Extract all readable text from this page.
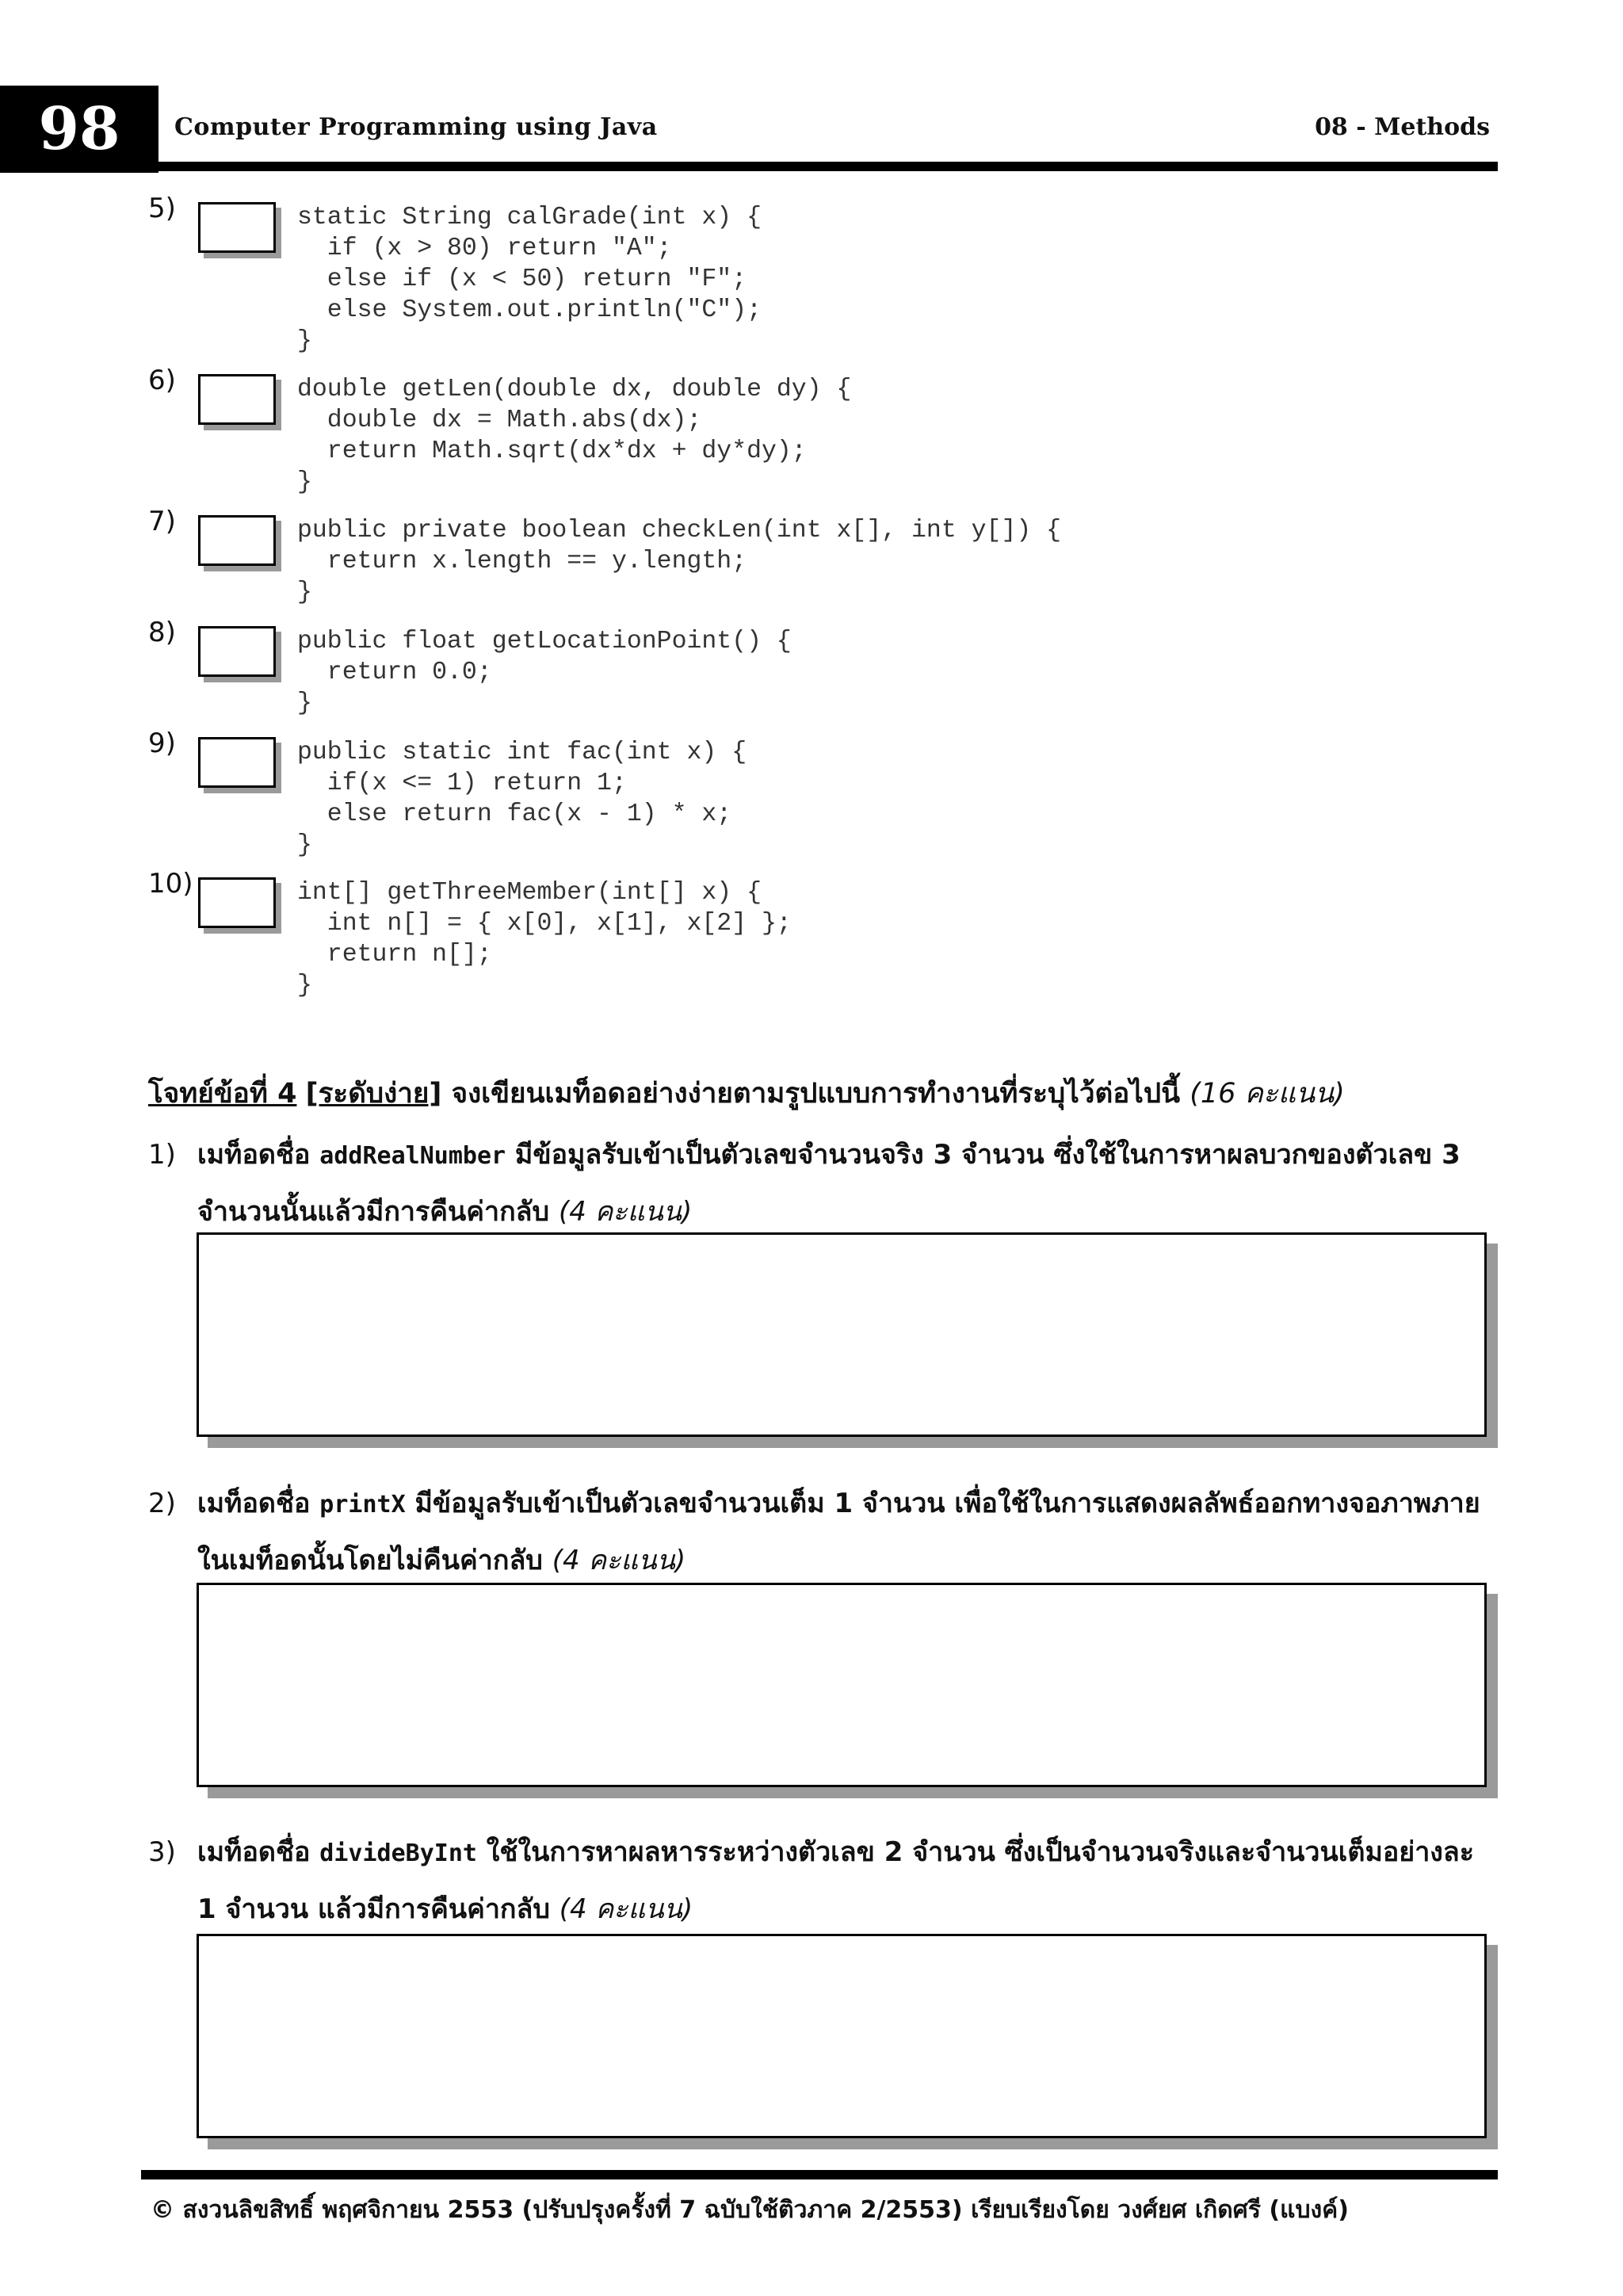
98	Computer Programming using Java	08 - Methods
5)	static String calGrade(int x) {
if (x > 80) return "A";
else if (x < 50) return "F";
else System.out.println("C");
}
6)	double getLen(double dx, double dy) {
double dx = Math.abs(dx);
return Math.sqrt(dx*dx + dy*dy);
}
7)	public private boolean checkLen(int x[], int y[]) {
return x.length == y.length;
}
8)	public float getLocationPoint() {
return 0.0;
}
9)	public static int fac(int x) {
if(x <= 1) return 1;
else return fac(x - 1) * x;
}
10)	int[] getThreeMember(int[] x) {
int n[] = { x[0], x[1], x[2] };
return n[];
}
โจทย์ข้อที่ 4 [ระดับง่าย] จงเขียนเมท็อดอย่างง่ายตามรูปแบบการทำงานที่ระบุไว้ต่อไปนี้ (16 คะแนน)
1) เมท็อดชื่อ addRealNumber มีข้อมูลรับเข้าเป็นตัวเลขจำนวนจริง 3 จำนวน ซึ่งใช้ในการหาผลบวกของตัวเลข 3 จำนวนนั้นแล้วมีการคืนค่ากลับ (4 คะแนน)
2) เมท็อดชื่อ printX มีข้อมูลรับเข้าเป็นตัวเลขจำนวนเต็ม 1 จำนวน เพื่อใช้ในการแสดงผลลัพธ์ออกทางจอภาพภายในเมท็อดนั้นโดยไม่คืนค่ากลับ (4 คะแนน)
3) เมท็อดชื่อ divideByInt ใช้ในการหาผลหารระหว่างตัวเลข 2 จำนวน ซึ่งเป็นจำนวนจริงและจำนวนเต็มอย่างละ 1 จำนวน แล้วมีการคืนค่ากลับ (4 คะแนน)
© สงวนลิขสิทธิ์ พฤศจิกายน 2553 (ปรับปรุงครั้งที่ 7 ฉบับใช้ติวภาค 2/2553) เรียบเรียงโดย วงศ์ยศ เกิดศรี (แบงค์)
